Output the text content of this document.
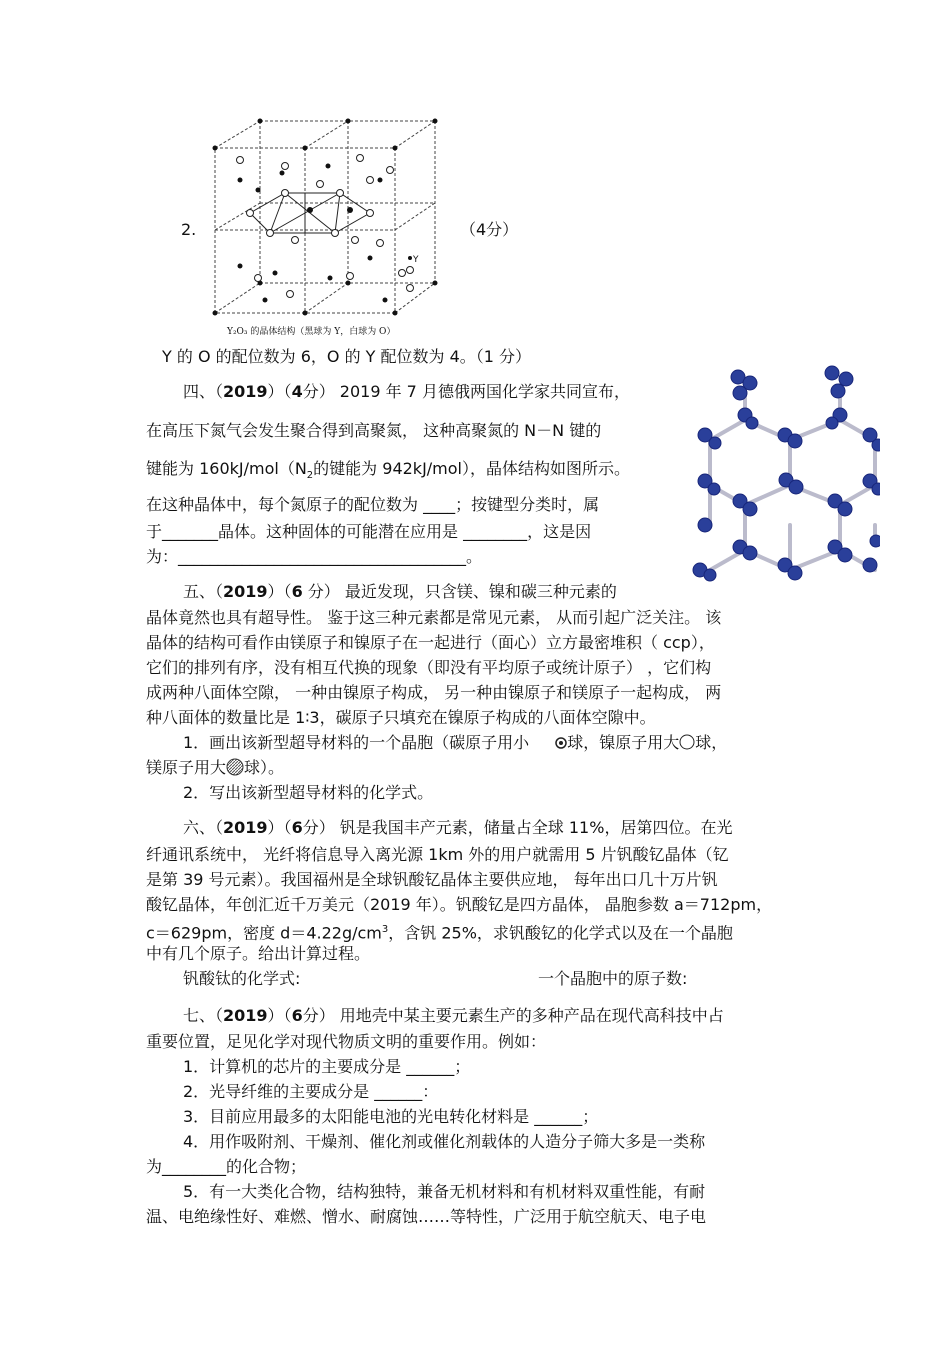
2.
Y
Y₂O₃ 的晶体结构（黑球为 Y，白球为 O）
（4分）
Y 的 O 的配位数为 6，O 的 Y 配位数为 4。（1 分）
四、（2019）（4分） 2019 年 7 月德俄两国化学家共同宣布，
在高压下氮气会发生聚合得到高聚氮， 这种高聚氮的 N－N 键的
键能为 $160kJ/mol(N_2$的键能为 942kJ/mol），晶体结构如图所示。
在这种晶体中，每个氮原子的配位数为 ____；按键型分类时，属
于_______晶体。这种固体的可能潜在应用是 ________，这是因
为：____________________________________。
五、（2019）（6 分） 最近发现，只含镁、镍和碳三种元素的
晶体竟然也具有超导性。 鉴于这三种元素都是常见元素， 从而引起广泛关注。 该
晶体的结构可看作由镁原子和镍原子在一起进行（面心）立方最密堆积（ ccp），
它们的排列有序，没有相互代换的现象（即没有平均原子或统计原子） ，它们构
成两种八面体空隙， 一种由镍原子构成， 另一种由镍原子和镁原子一起构成， 两
种八面体的数量比是 1∶3，碳原子只填充在镍原子构成的八面体空隙中。
1．画出该新型超导材料的一个晶胞（碳原子用小 球，镍原子用大 球，
镁原子用大 球）。
2．写出该新型超导材料的化学式。
六、（2019）（6分） 钒是我国丰产元素，储量占全球 11%，居第四位。在光
纤通讯系统中， 光纤将信息导入离光源 1km 外的用户就需用 5 片钒酸钇晶体（钇
是第 39 号元素）。我国福州是全球钒酸钇晶体主要供应地， 每年出口几十万片钒
酸钇晶体，年创汇近千万美元（2019 年）。钒酸钇是四方晶体， 晶胞参数 a＝712pm，
c＝629pm，密度 $d=4.22g/cm^3$，含钒 25%，求钒酸钇的化学式以及在一个晶胞
中有几个原子。给出计算过程。
钒酸钛的化学式:	一个晶胞中的原子数:
七、（2019）（6分） 用地壳中某主要元素生产的多种产品在现代高科技中占
重要位置，足见化学对现代物质文明的重要作用。例如：
1．计算机的芯片的主要成分是 ______；
2．光导纤维的主要成分是 ______：
3．目前应用最多的太阳能电池的光电转化材料是 ______；
4．用作吸附剂、干燥剂、催化剂或催化剂载体的人造分子筛大多是一类称
为________的化合物；
5．有一大类化合物，结构独特，兼备无机材料和有机材料双重性能，有耐
温、电绝缘性好、难燃、憎水、耐腐蚀……等特性，广泛用于航空航天、电子电
